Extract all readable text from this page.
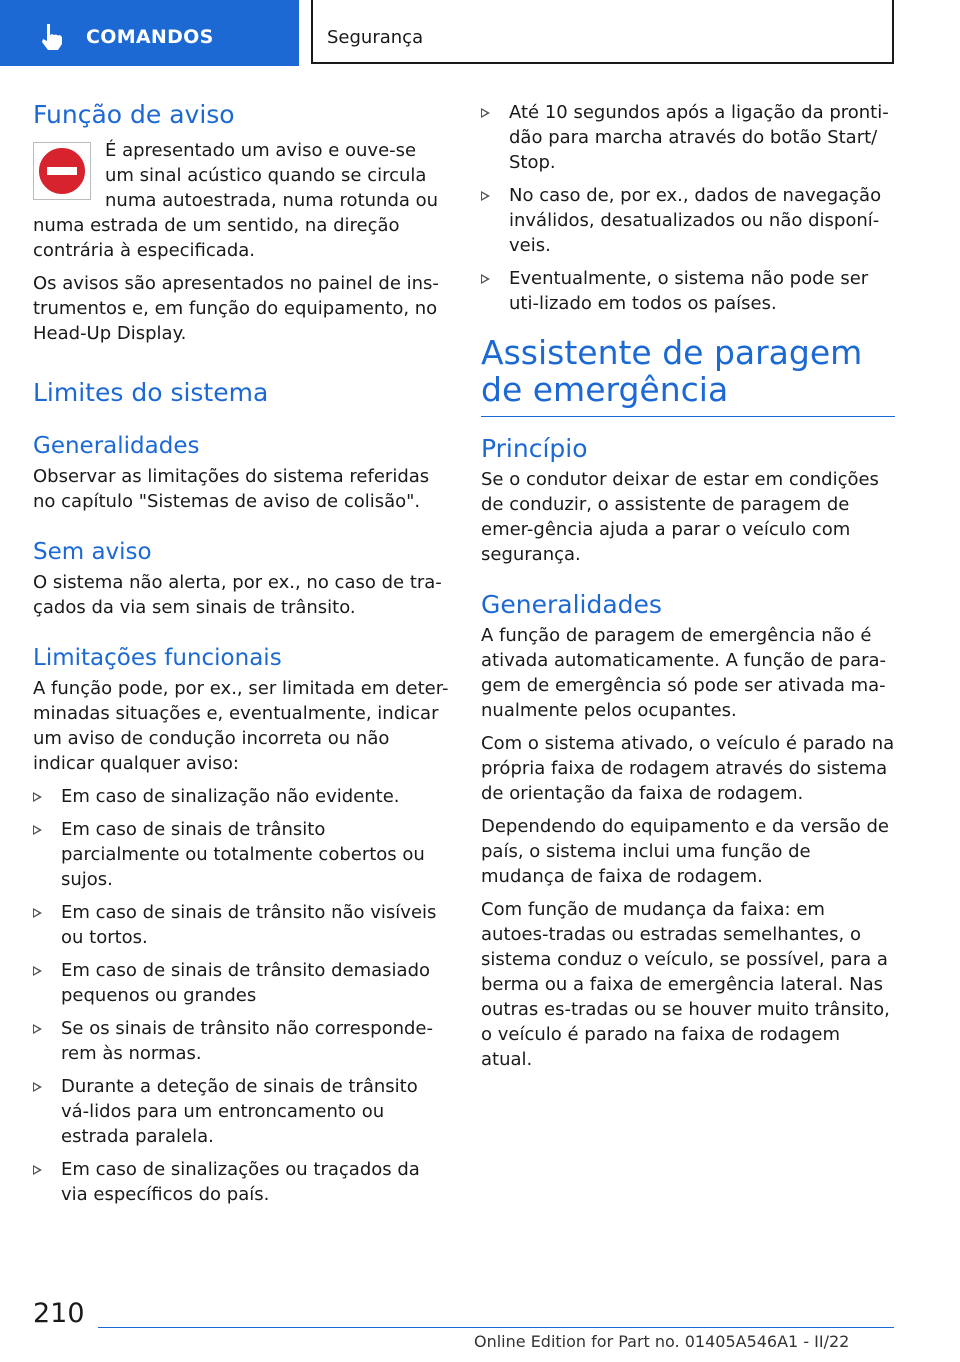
COMANDOS	Segurança
Função de aviso

É apresentado um aviso e ouve-se um sinal acústico quando se circula numa autoestrada, numa rotunda ou numa estrada de um sentido, na direção contrária à especificada.

Os avisos são apresentados no painel de ins-trumentos e, em função do equipamento, no Head-Up Display.

Limites do sistema
Generalidades

Observar as limitações do sistema referidas no capítulo "Sistemas de aviso de colisão".

Sem aviso

O sistema não alerta, por ex., no caso de tra-çados da via sem sinais de trânsito.

Limitações funcionais

A função pode, por ex., ser limitada em deter-minadas situações e, eventualmente, indicar um aviso de condução incorreta ou não indicar qualquer aviso:

Em caso de sinalização não evidente.
Em caso de sinais de trânsito parcialmente ou totalmente cobertos ou sujos.
Em caso de sinais de trânsito não visíveis ou tortos.
Em caso de sinais de trânsito demasiado pequenos ou grandes
Se os sinais de trânsito não corresponde-rem às normas.
Durante a deteção de sinais de trânsito vá-lidos para um entroncamento ou estrada paralela.
Em caso de sinalizações ou traçados da via específicos do país.
Até 10 segundos após a ligação da pronti-dão para marcha através do botão Start/ Stop.
No caso de, por ex., dados de navegação inválidos, desatualizados ou não disponí-veis.
Eventualmente, o sistema não pode ser uti-lizado em todos os países.
Assistente de paragem de emergência
Princípio

Se o condutor deixar de estar em condições de conduzir, o assistente de paragem de emer-gência ajuda a parar o veículo com segurança.

Generalidades

A função de paragem de emergência não é ativada automaticamente. A função de para-gem de emergência só pode ser ativada ma-nualmente pelos ocupantes.

Com o sistema ativado, o veículo é parado na própria faixa de rodagem através do sistema de orientação da faixa de rodagem.

Dependendo do equipamento e da versão de país, o sistema inclui uma função de mudança de faixa de rodagem.

Com função de mudança da faixa: em autoes-tradas ou estradas semelhantes, o sistema conduz o veículo, se possível, para a berma ou a faixa de emergência lateral. Nas outras es-tradas ou se houver muito trânsito, o veículo é parado na faixa de rodagem atual.

210
Online Edition for Part no. 01405A546A1 - II/22
